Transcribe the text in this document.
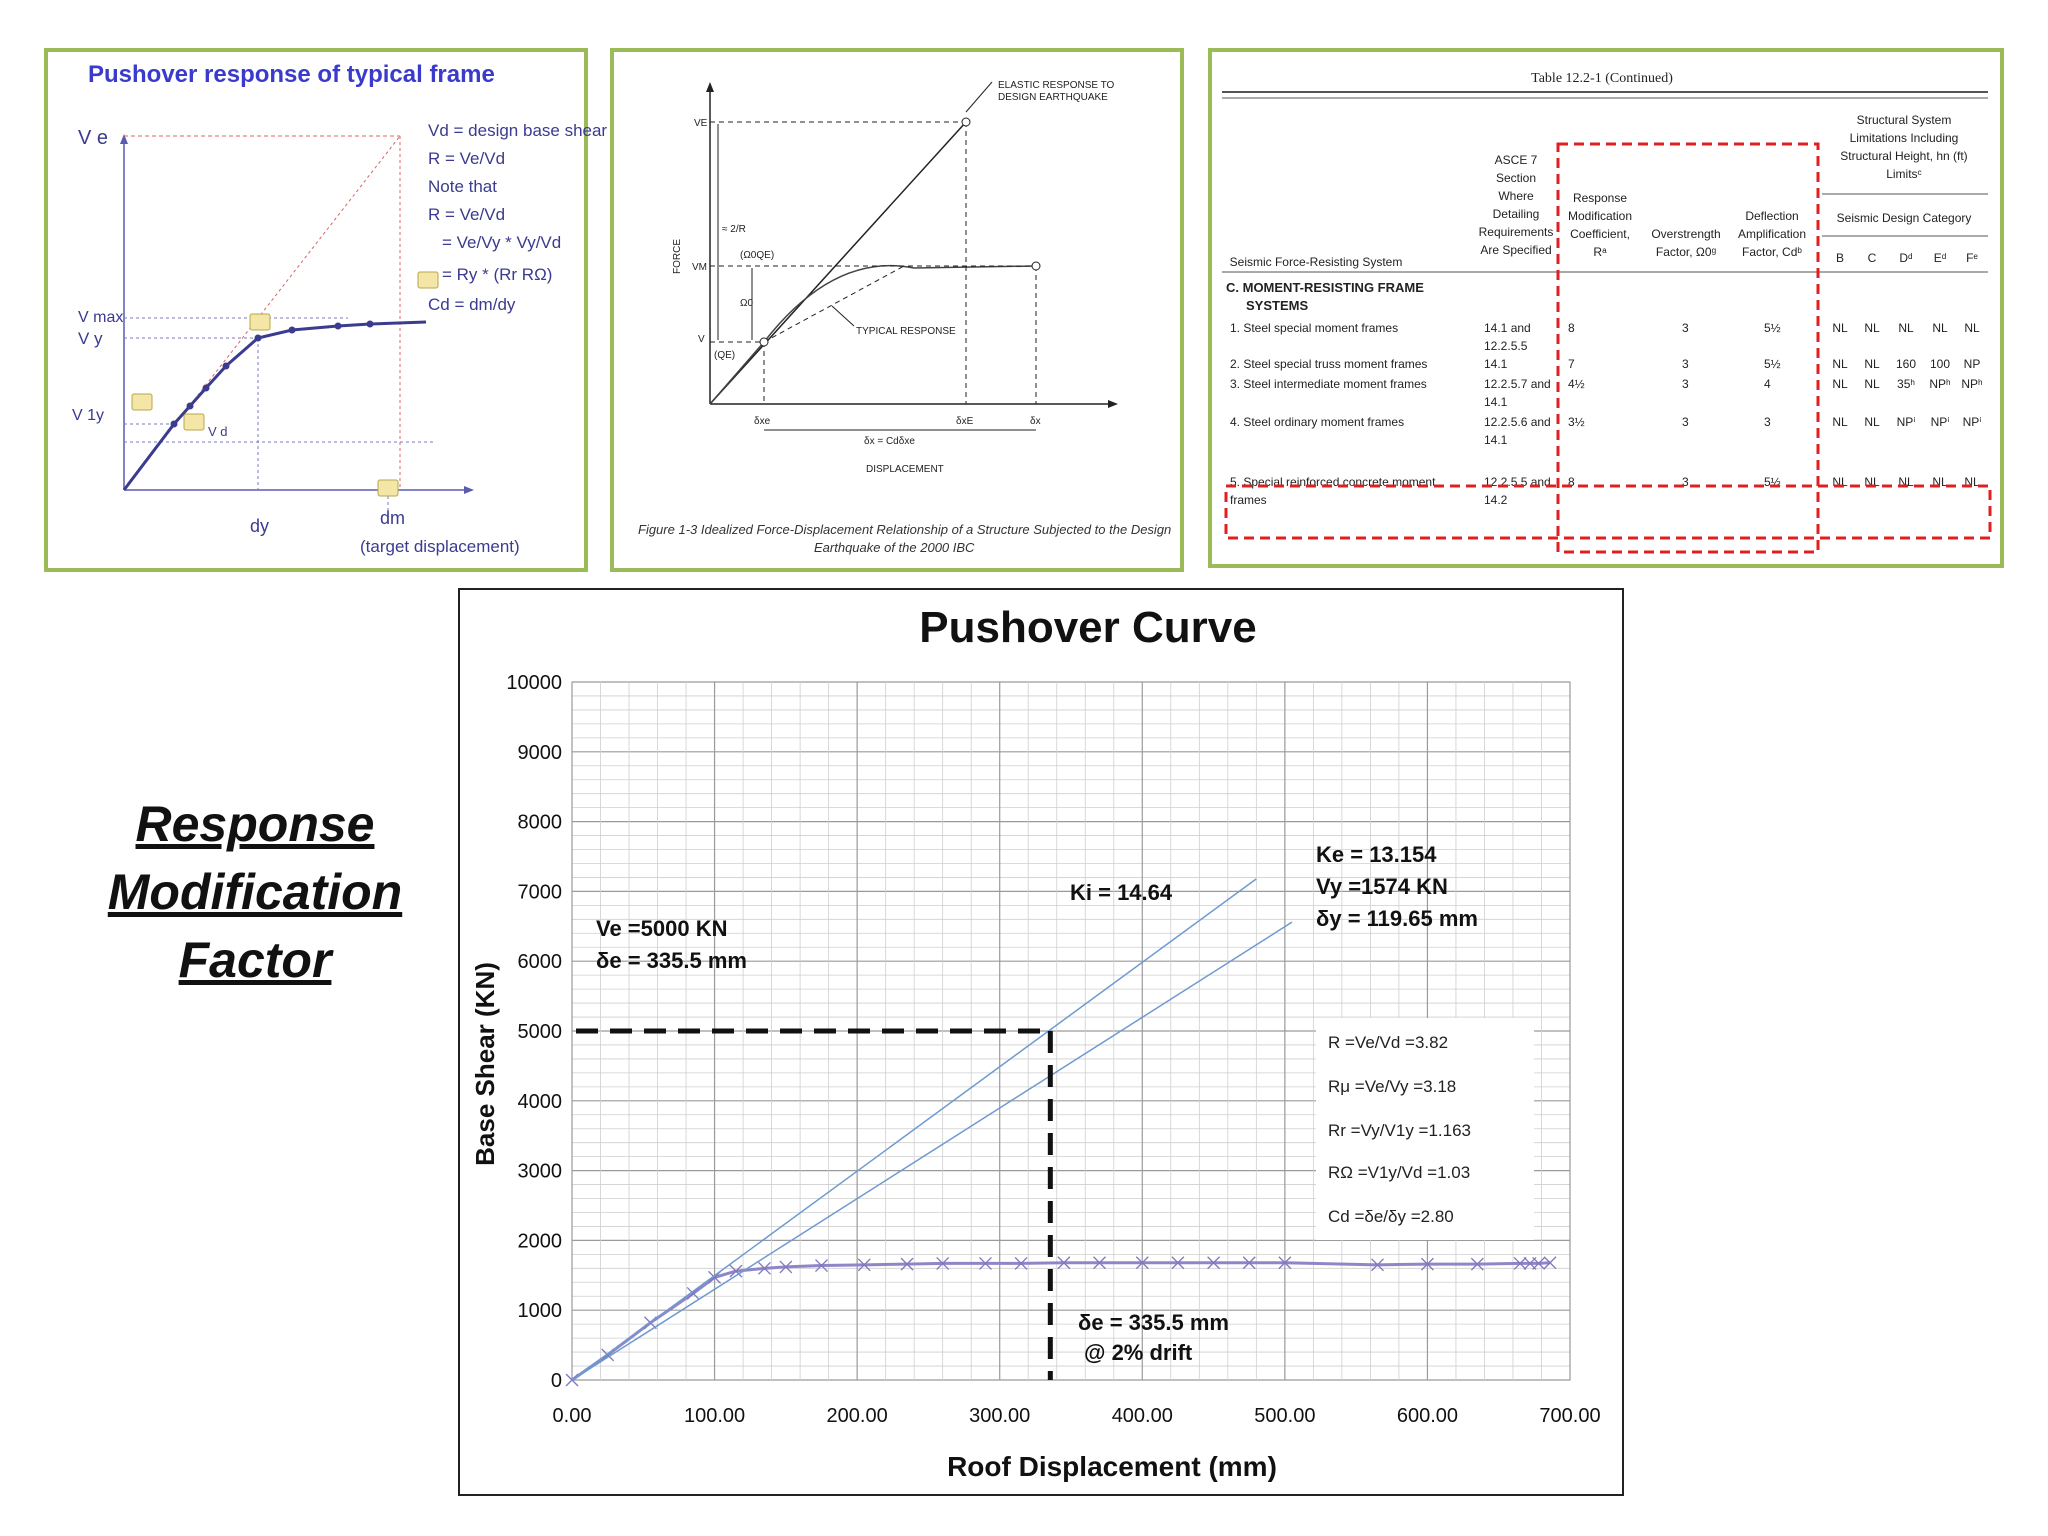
Pushover response of typical frame
V e
V max
V y
V 1y
V d
dy	dm
(target displacement)
Vd = design base shear
R = Ve/Vd
Note that
R = Ve/Vd
= Ve/Vy * Vy/Vd
= Ry * (Rr RΩ)
Cd = dm/dy
ELASTIC RESPONSE TO
DESIGN EARTHQUAKE
VE
VM
V
(QE)
(Ω0QE)
Ω0
≈ 2/R
TYPICAL RESPONSE
δxe	δxE	δx
δx = Cdδxe
DISPLACEMENT
FORCE
Figure 1-3 Idealized Force-Displacement Relationship of a Structure Subjected to the Design
Earthquake of the 2000 IBC
Table 12.2-1 (Continued)
Seismic Force-Resisting System
ASCE 7
Section
Where
Detailing
Requirements
Are Specified
Response
Modification
Coefficient,
Rᵃ
Overstrength
Factor, Ω0ᵍ
Deflection
Amplification
Factor, Cdᵇ
Structural System
Limitations Including
Structural Height, hn (ft)
Limitsᶜ
Seismic Design Category
B C Dᵈ Eᵈ Fᵉ
C. MOMENT-RESISTING FRAME
SYSTEMS
1. Steel special moment frames	14.1 and
12.2.5.5
8	3	5½	NL NL NL NL NL
2. Steel special truss moment frames	14.1	7	3	5½	NL NL 160 100 NP
3. Steel intermediate moment frames	12.2.5.7 and
14.1
4½	3	4	NL NL 35ʰ NPʰ NPʰ
4. Steel ordinary moment frames	12.2.5.6 and
14.1
3½	3	3	NL NL NPⁱ NPⁱ NPⁱ
5. Special reinforced concrete moment
frames
12.2.5.5 and
14.2
8	3	5½	NL NL NL NL NL
Response
Modification
Factor
Pushover Curve
0
1000
2000
3000
4000
5000
6000
7000
8000
9000
10000
0.00	100.00	200.00	300.00	400.00	500.00	600.00	700.00
Roof Displacement (mm)
Base Shear (KN)
Ve =5000 KN
δe = 335.5 mm
Ki = 14.64
Ke = 13.154
Vy =1574 KN
δy = 119.65 mm
δe = 335.5 mm
@ 2% drift
R =Ve/Vd =3.82
Rμ =Ve/Vy =3.18
Rr =Vy/V1y =1.163
RΩ =V1y/Vd =1.03
Cd =δe/δy =2.80
